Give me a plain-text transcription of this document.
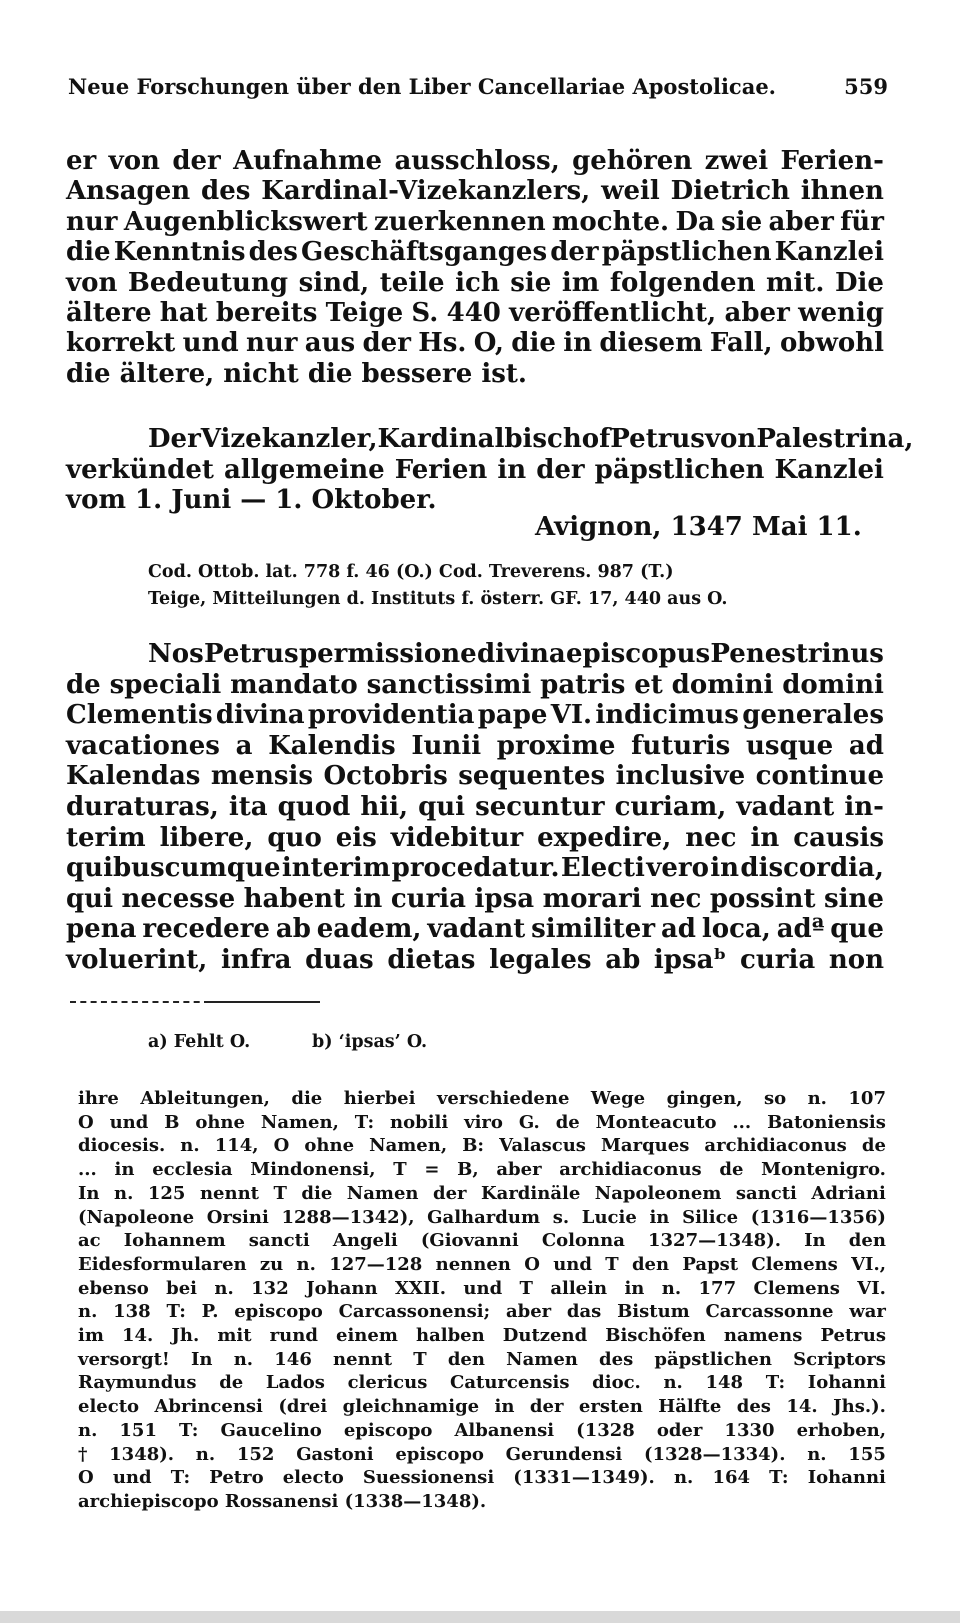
Neue Forschungen über den Liber Cancellariae Apostolicae.	559
er von der Aufnahme ausschloss, gehören zwei Ferien-
Ansagen des Kardinal-Vizekanzlers, weil Dietrich ihnen
nur Augenblickswert zuerkennen mochte. Da sie aber für
die Kenntnis des Geschäftsganges der päpstlichen Kanzlei
von Bedeutung sind, teile ich sie im folgenden mit. Die
ältere hat bereits Teige S. 440 veröffentlicht, aber wenig
korrekt und nur aus der Hs. O, die in diesem Fall, obwohl
die ältere, nicht die bessere ist.
Der Vizekanzler, Kardinalbischof Petrus von Palestrina,
verkündet allgemeine Ferien in der päpstlichen Kanzlei
vom 1. Juni — 1. Oktober.
Avignon, 1347 Mai 11.
Cod. Ottob. lat. 778 f. 46 (O.) Cod. Treverens. 987 (T.)
Teige, Mitteilungen d. Instituts f. österr. GF. 17, 440 aus O.
Nos Petrus permissione divina episcopus Penestrinus
de speciali mandato sanctissimi patris et domini domini
Clementis divina providentia pape VI. indicimus generales
vacationes a Kalendis Iunii proxime futuris usque ad
Kalendas mensis Octobris sequentes inclusive continue
duraturas, ita quod hii, qui secuntur curiam, vadant in-
terim libere, quo eis videbitur expedire, nec in causis
quibuscumque interim procedatur. Electi vero in discordia,
qui necesse habent in curia ipsa morari nec possint sine
pena recedere ab eadem, vadant similiter ad loca, adª que
voluerint, infra duas dietas legales ab ipsaᵇ curia non
a) Fehlt O.	b) ‘ipsas’ O.
ihre Ableitungen, die hierbei verschiedene Wege gingen, so n. 107
O und B ohne Namen, T: nobili viro G. de Monteacuto ... Batoniensis
diocesis. n. 114, O ohne Namen, B: Valascus Marques archidiaconus de
... in ecclesia Mindonensi, T = B, aber archidiaconus de Montenigro.
In n. 125 nennt T die Namen der Kardinäle Napoleonem sancti Adriani
(Napoleone Orsini 1288—1342), Galhardum s. Lucie in Silice (1316—1356)
ac Iohannem sancti Angeli (Giovanni Colonna 1327—1348). In den
Eidesformularen zu n. 127—128 nennen O und T den Papst Clemens VI.,
ebenso bei n. 132 Johann XXII. und T allein in n. 177 Clemens VI.
n. 138 T: P. episcopo Carcassonensi; aber das Bistum Carcassonne war
im 14. Jh. mit rund einem halben Dutzend Bischöfen namens Petrus
versorgt! In n. 146 nennt T den Namen des päpstlichen Scriptors
Raymundus de Lados clericus Caturcensis dioc. n. 148 T: Iohanni
electo Abrincensi (drei gleichnamige in der ersten Hälfte des 14. Jhs.).
n. 151 T: Gaucelino episcopo Albanensi (1328 oder 1330 erhoben,
† 1348). n. 152 Gastoni episcopo Gerundensi (1328—1334). n. 155
O und T: Petro electo Suessionensi (1331—1349). n. 164 T: Iohanni
archiepiscopo Rossanensi (1338—1348).
